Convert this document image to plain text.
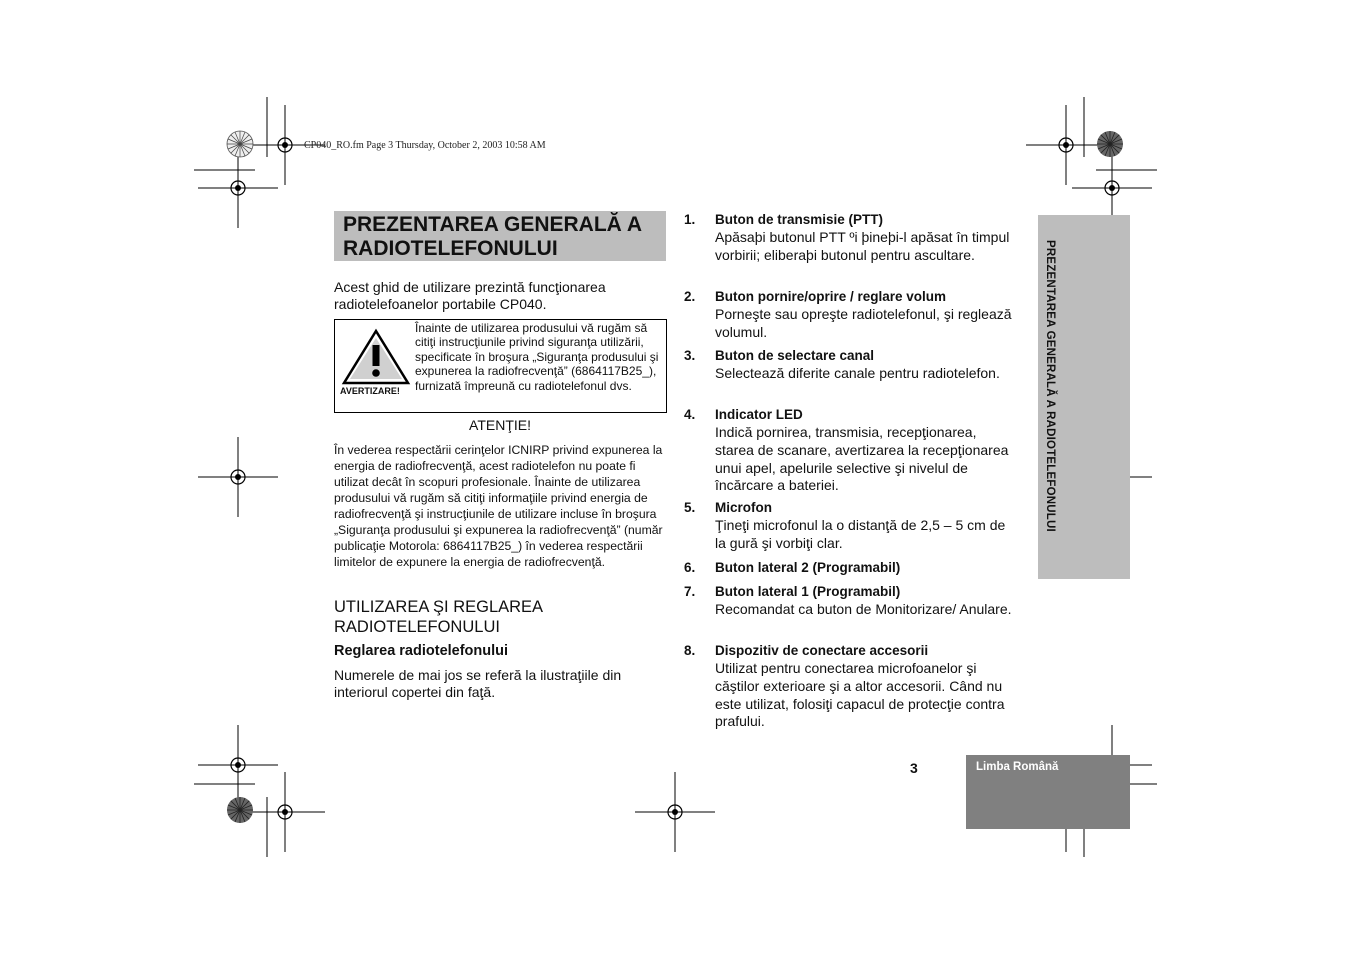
CP040_RO.fm Page 3 Thursday, October 2, 2003 10:58 AM
PREZENTAREA GENERALĂ A
RADIOTELEFONULUI

Acest ghid de utilizare prezintă funcţionarea radiotelefoanelor portabile CP040.

AVERTIZARE!

Înainte de utilizarea produsului vă rugăm să citiţi instrucţiunile privind siguranţa utilizării, specificate în broşura „Siguranţa produsului şi expunerea la radiofrecvenţă” (6864117B25_), furnizată împreună cu radiotelefonul dvs.

ATENŢIE!

În vederea respectării cerinţelor ICNIRP privind expunerea la energia de radiofrecvenţă, acest radiotelefon nu poate fi utilizat decât în scopuri profesionale. Înainte de utilizarea produsului vă rugăm să citiţi informaţiile privind energia de radiofrecvenţă şi instrucţiunile de utilizare incluse în broşura „Siguranţa produsului şi expunerea la radiofrecvenţă” (număr publicaţie Motorola: 6864117B25_) în vederea respectării limitelor de expunere la energia de radiofrecvenţă.

UTILIZAREA ŞI REGLAREA RADIOTELEFONULUI
Reglarea radiotelefonului

Numerele de mai jos se referă la ilustraţiile din interiorul copertei din faţă.

1. Buton de transmisie (PTT)

Apăsaþi butonul PTT ºi þineþi-l apăsat în timpul vorbirii; eliberaþi butonul pentru ascultare.

2. Buton pornire/oprire / reglare volum

Porneşte sau opreşte radiotelefonul, şi reglează volumul.

3. Buton de selectare canal

Selectează diferite canale pentru radiotelefon.

4. Indicator LED

Indică pornirea, transmisia, recepţionarea, starea de scanare, avertizarea la recepţionarea unui apel, apelurile selective şi nivelul de încărcare a bateriei.

5. Microfon

Ţineţi microfonul la o distanţă de 2,5 – 5 cm de la gură şi vorbiţi clar.

6. Buton lateral 2 (Programabil)
7. Buton lateral 1 (Programabil)

Recomandat ca buton de Monitorizare/ Anulare.

8. Dispozitiv de conectare accesorii

Utilizat pentru conectarea microfoanelor şi căştilor exterioare şi a altor accesorii. Când nu este utilizat, folosiţi capacul de protecţie contra prafului.

PREZENTAREA GENERALĂ A RADIOTELEFONULUI
3	Limba Română
